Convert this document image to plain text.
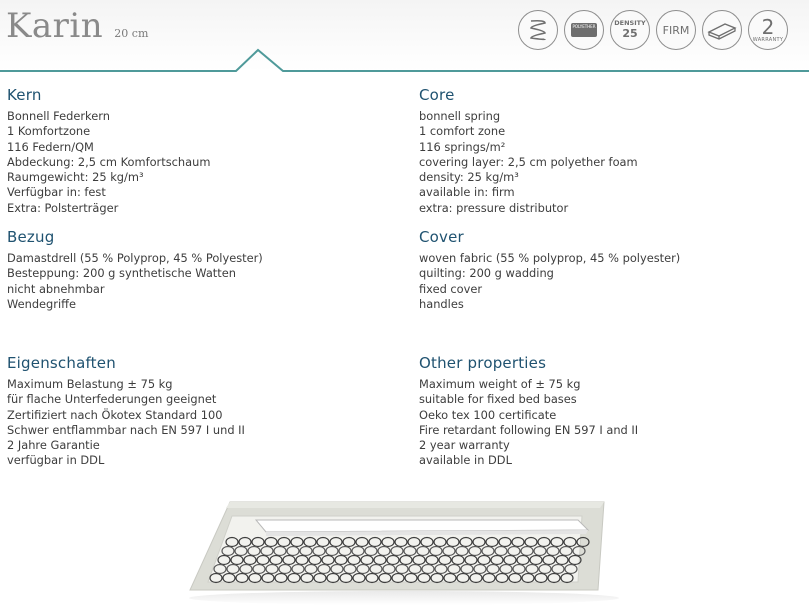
Karin 20 cm
POLYETHER	DENSITY
25 FIRM	2
WARRANTY
Kern
Bonnell Federkern
1 Komfortzone
116 Federn/QM
Abdeckung: 2,5 cm Komfortschaum
Raumgewicht: 25 kg/m³
Verfügbar in: fest
Extra: Polsterträger
Bezug
Damastdrell (55 % Polyprop, 45 % Polyester)
Besteppung: 200 g synthetische Watten
nicht abnehmbar
Wendegriffe
Eigenschaften
Maximum Belastung ± 75 kg
für flache Unterfederungen geeignet
Zertifiziert nach Ökotex Standard 100
Schwer entflammbar nach EN 597 I und II
2 Jahre Garantie
verfügbar in DDL
Core
bonnell spring
1 comfort zone
116 springs/m²
covering layer: 2,5 cm polyether foam
density: 25 kg/m³
available in: firm
extra: pressure distributor
Cover
woven fabric (55 % polyprop, 45 % polyester)
quilting: 200 g wadding
fixed cover
handles
Other properties
Maximum weight of ± 75 kg
suitable for fixed bed bases
Oeko tex 100 certificate
Fire retardant following EN 597 I and II
2 year warranty
available in DDL
